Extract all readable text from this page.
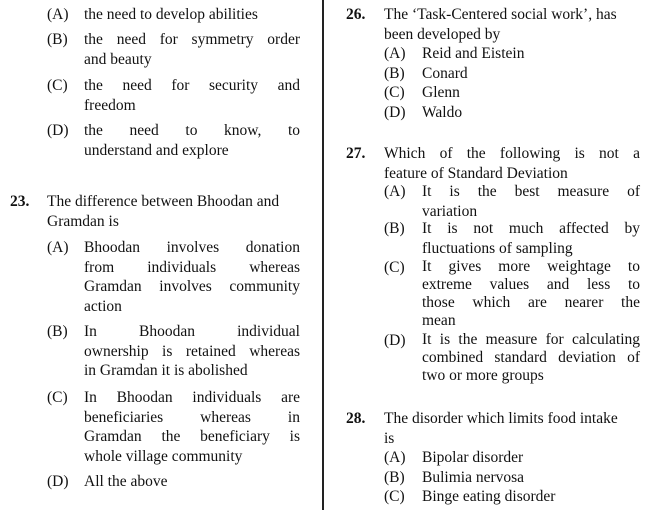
(A) the need to develop abilities
(B) the need for symmetry order
and beauty
(C) the need for security and
freedom
(D) the need to know, to
understand and explore
23. The difference between Bhoodan and
Gramdan is
(A) Bhoodan involves donation
from individuals whereas
Gramdan involves community
action
(B) In Bhoodan individual
ownership is retained whereas
in Gramdan it is abolished
(C) In Bhoodan individuals are
beneficiaries whereas in
Gramdan the beneficiary is
whole village community
(D) All the above
26. The ‘Task-Centered social work’, has
been developed by
(A) Reid and Eistein
(B) Conard
(C) Glenn
(D) Waldo
27. Which of the following is not a
feature of Standard Deviation
(A) It is the best measure of
variation
(B) It is not much affected by
fluctuations of sampling
(C) It gives more weightage to
extreme values and less to
those which are nearer the
mean
(D) It is the measure for calculating
combined standard deviation of
two or more groups
28. The disorder which limits food intake
is
(A) Bipolar disorder
(B) Bulimia nervosa
(C) Binge eating disorder
